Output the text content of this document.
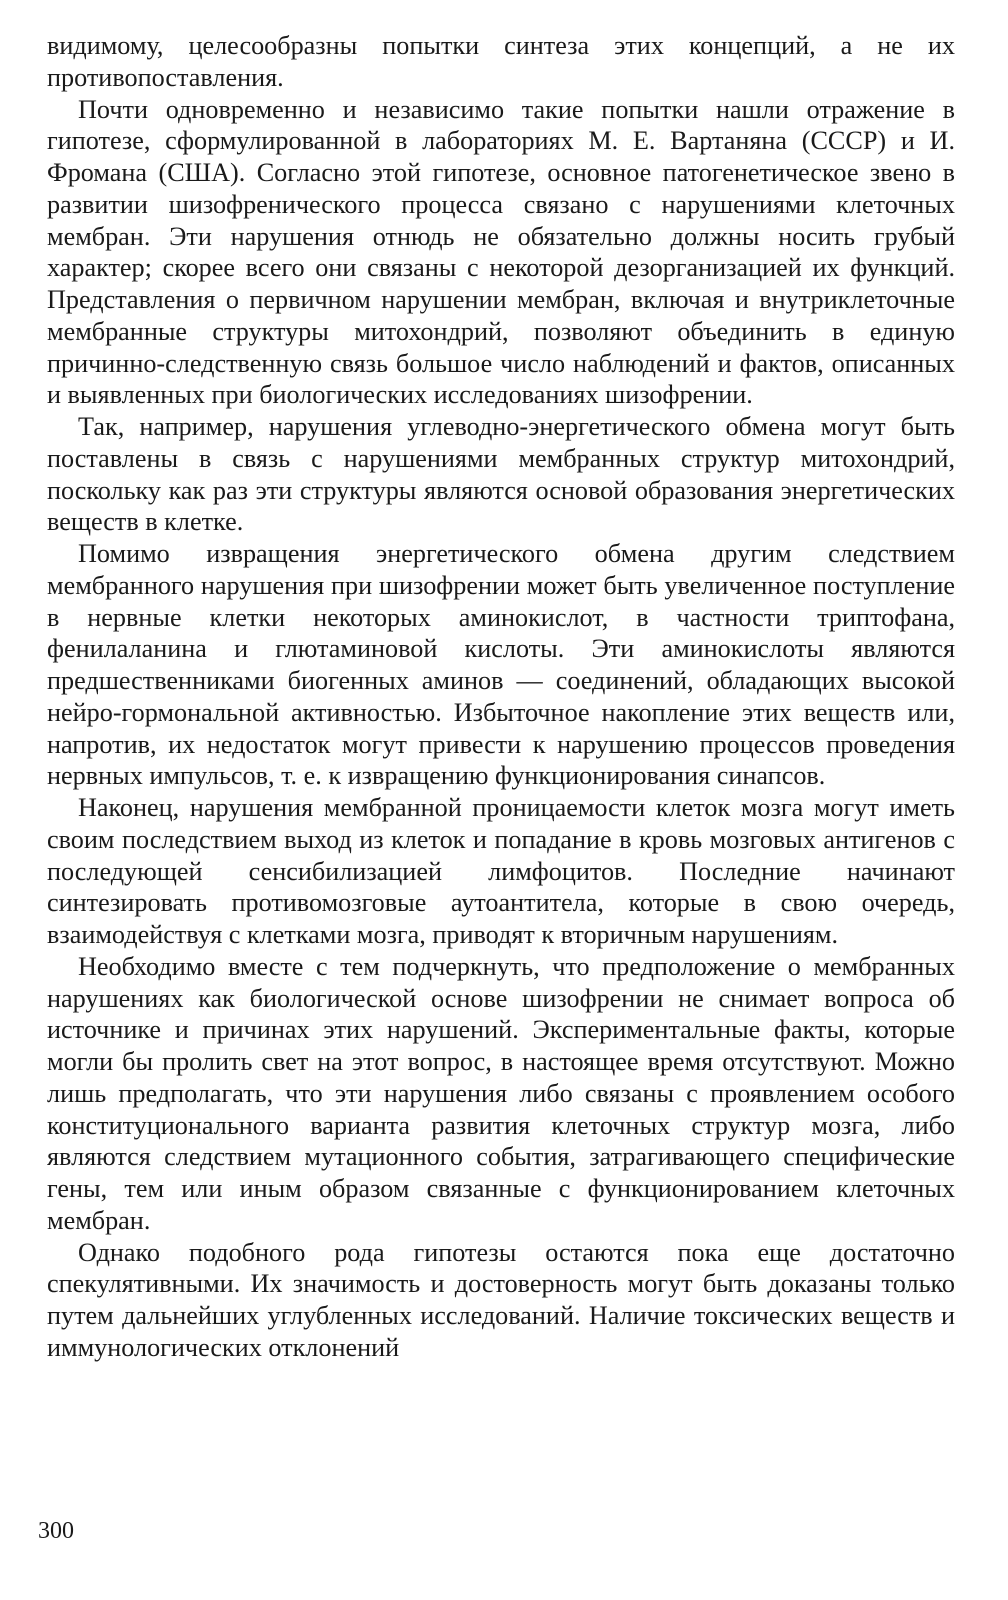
видимому, целесообразны попытки синтеза этих концепций, а не их противопоставления.

Почти одновременно и независимо такие попытки нашли отражение в гипотезе, сформулированной в лабораториях М. Е. Вартаняна (СССР) и И. Фромана (США). Согласно этой гипотезе, основное патогенетическое звено в развитии шизофренического процесса связано с нарушениями клеточных мембран. Эти нарушения отнюдь не обязательно должны носить грубый характер; скорее всего они связаны с некоторой дезорганизацией их функций. Представления о первичном нарушении мембран, включая и внутриклеточные мембранные структуры митохондрий, позволяют объединить в единую причинно-следственную связь большое число наблюдений и фактов, описанных и выявленных при биологических исследованиях шизофрении.

Так, например, нарушения углеводно-энергетического обмена могут быть поставлены в связь с нарушениями мембранных структур митохондрий, поскольку как раз эти структуры являются основой образования энергетических веществ в клетке.

Помимо извращения энергетического обмена другим следствием мембранного нарушения при шизофрении может быть увеличенное поступление в нервные клетки некоторых аминокислот, в частности триптофана, фенилаланина и глютаминовой кислоты. Эти аминокислоты являются предшественниками биогенных аминов — соединений, обладающих высокой нейро-гормональной активностью. Избыточное накопление этих веществ или, напротив, их недостаток могут привести к нарушению процессов проведения нервных импульсов, т. е. к извращению функционирования синапсов.

Наконец, нарушения мембранной проницаемости клеток мозга могут иметь своим последствием выход из клеток и попадание в кровь мозговых антигенов с последующей сенсибилизацией лимфоцитов. Последние начинают синтезировать противомозговые аутоантитела, которые в свою очередь, взаимодействуя с клетками мозга, приводят к вторичным нарушениям.

Необходимо вместе с тем подчеркнуть, что предположение о мембранных нарушениях как биологической основе шизофрении не снимает вопроса об источнике и причинах этих нарушений. Экспериментальные факты, которые могли бы пролить свет на этот вопрос, в настоящее время отсутствуют. Можно лишь предполагать, что эти нарушения либо связаны с проявлением особого конституционального варианта развития клеточных структур мозга, либо являются следствием мутационного события, затрагивающего специфические гены, тем или иным образом связанные с функционированием клеточных мембран.

Однако подобного рода гипотезы остаются пока еще достаточно спекулятивными. Их значимость и достоверность могут быть доказаны только путем дальнейших углубленных исследований. Наличие токсических веществ и иммунологических отклонений

300
